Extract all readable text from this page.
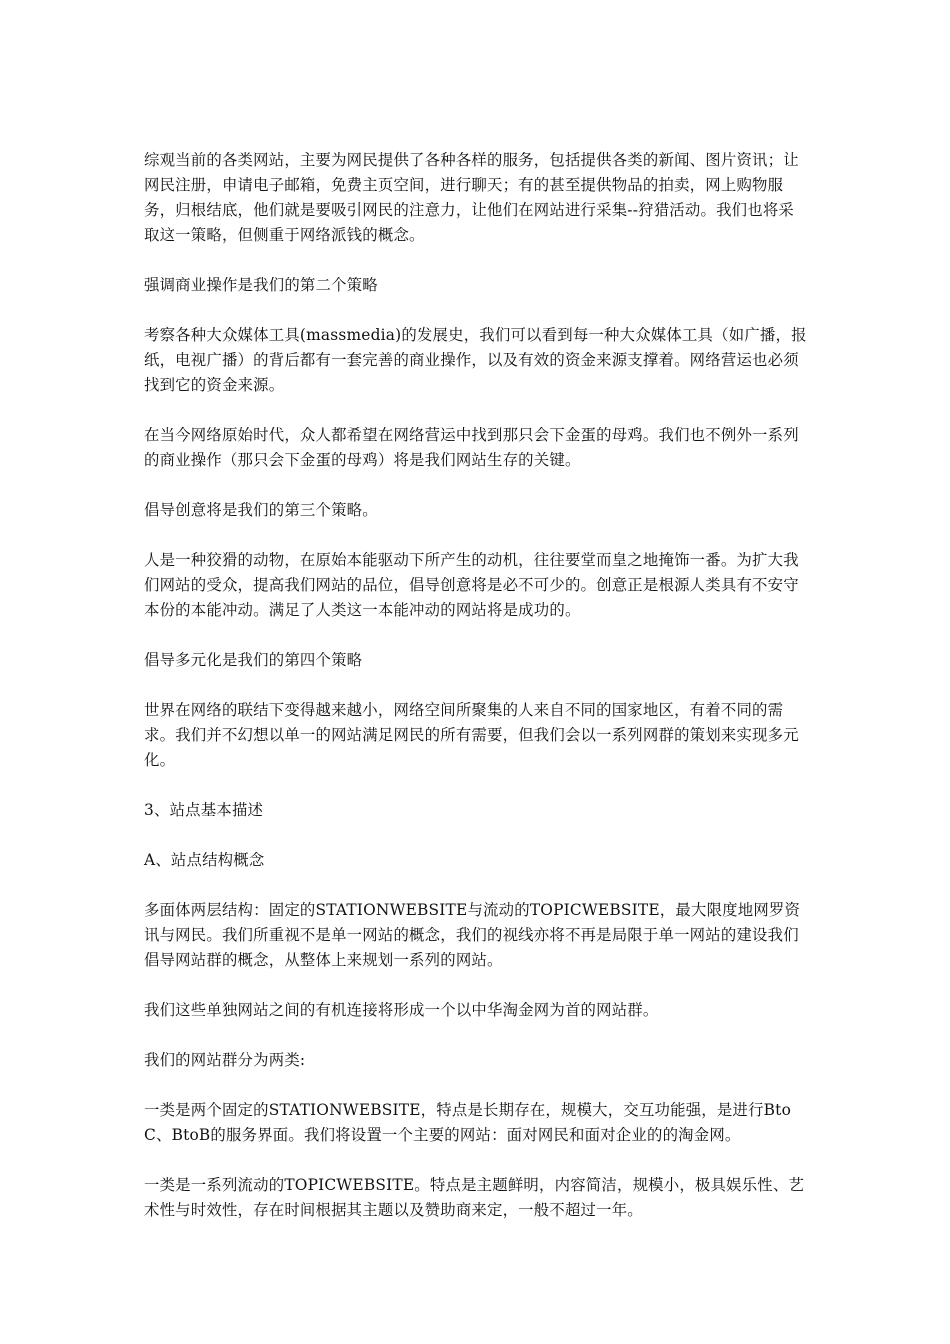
综观当前的各类网站，主要为网民提供了各种各样的服务，包括提供各类的新闻、图片资讯；让网民注册，申请电子邮箱，免费主页空间，进行聊天；有的甚至提供物品的拍卖，网上购物服务，归根结底，他们就是要吸引网民的注意力，让他们在网站进行采集--狩猎活动。我们也将采取这一策略，但侧重于网络派钱的概念。

强调商业操作是我们的第二个策略

考察各种大众媒体工具(massmedia)的发展史，我们可以看到每一种大众媒体工具（如广播，报纸，电视广播）的背后都有一套完善的商业操作，以及有效的资金来源支撑着。网络营运也必须找到它的资金来源。

在当今网络原始时代，众人都希望在网络营运中找到那只会下金蛋的母鸡。我们也不例外一系列的商业操作（那只会下金蛋的母鸡）将是我们网站生存的关键。

倡导创意将是我们的第三个策略。

人是一种狡猾的动物，在原始本能驱动下所产生的动机，往往要堂而皇之地掩饰一番。为扩大我们网站的受众，提高我们网站的品位，倡导创意将是必不可少的。创意正是根源人类具有不安守本份的本能冲动。满足了人类这一本能冲动的网站将是成功的。

倡导多元化是我们的第四个策略

世界在网络的联结下变得越来越小，网络空间所聚集的人来自不同的国家地区，有着不同的需求。我们并不幻想以单一的网站满足网民的所有需要，但我们会以一系列网群的策划来实现多元化。

3、站点基本描述

A、站点结构概念

多面体两层结构：固定的STATIONWEBSITE与流动的TOPICWEBSITE，最大限度地网罗资讯与网民。我们所重视不是单一网站的概念，我们的视线亦将不再是局限于单一网站的建设我们倡导网站群的概念，从整体上来规划一系列的网站。

我们这些单独网站之间的有机连接将形成一个以中华淘金网为首的网站群。

我们的网站群分为两类:

一类是两个固定的STATIONWEBSITE，特点是长期存在，规模大，交互功能强，是进行BtoC、BtoB的服务界面。我们将设置一个主要的网站：面对网民和面对企业的的淘金网。

一类是一系列流动的TOPICWEBSITE。特点是主题鲜明，内容简洁，规模小，极具娱乐性、艺术性与时效性，存在时间根据其主题以及赞助商来定，一般不超过一年。
